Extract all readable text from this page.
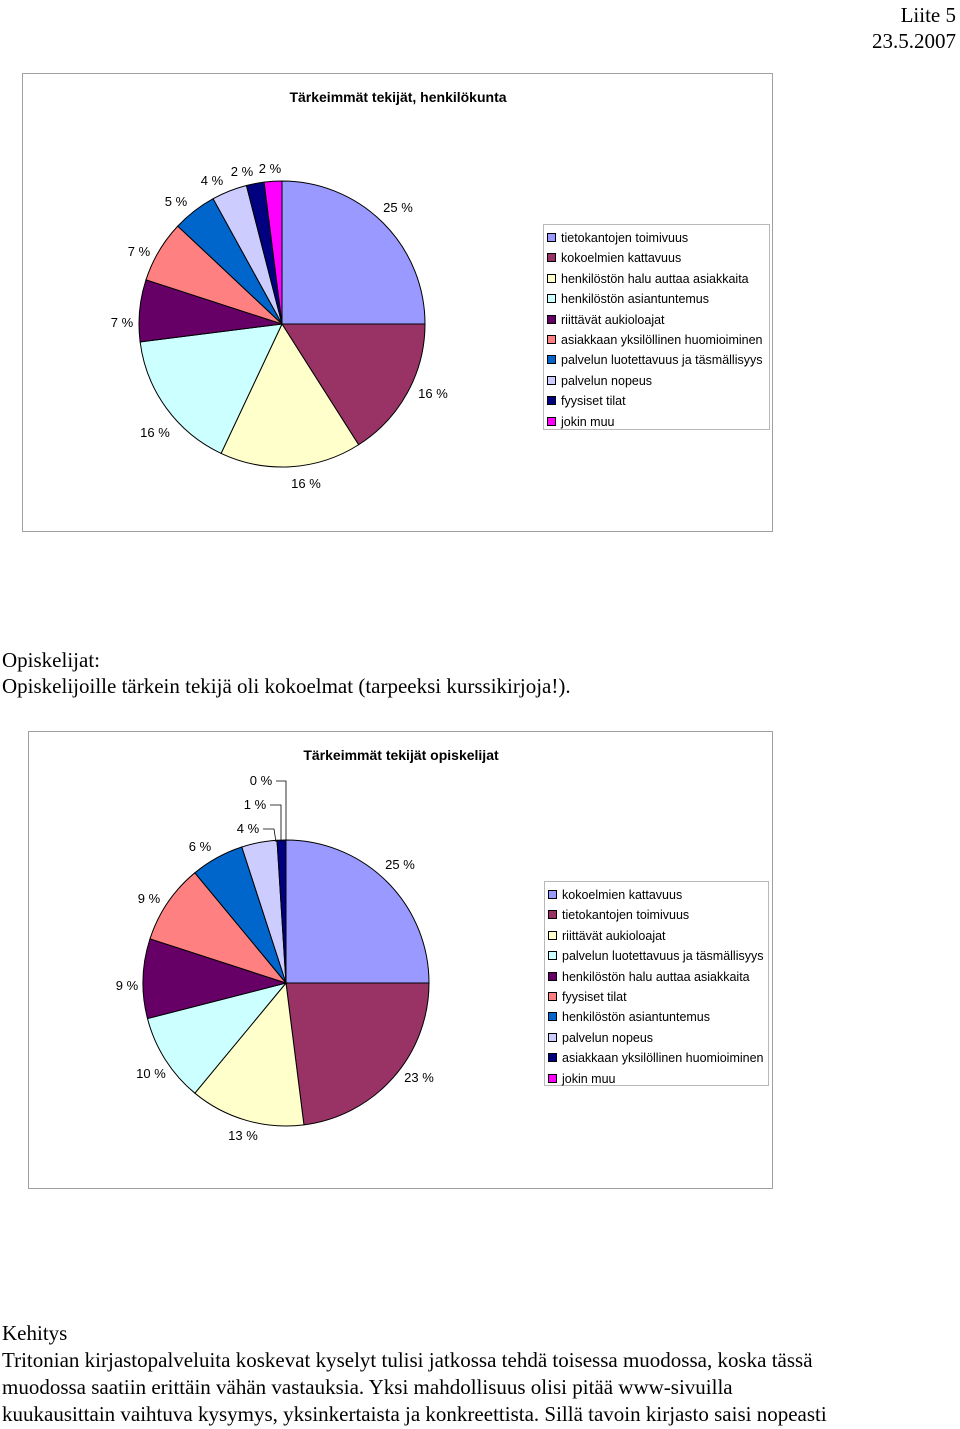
Liite 5
23.5.2007
Tärkeimmät tekijät, henkilökunta
25 %
16 %
16 %
16 %
7 %
7 %
5 %
4 %
2 % 2 %
tietokantojen toimivuus
kokoelmien kattavuus
henkilöstön halu auttaa asiakkaita
henkilöstön asiantuntemus
riittävät aukioloajat
asiakkaan yksilöllinen huomioiminen
palvelun luotettavuus ja täsmällisyys
palvelun nopeus
fyysiset tilat
jokin muu
Opiskelijat:
Opiskelijoille tärkein tekijä oli kokoelmat (tarpeeksi kurssikirjoja!).
Tärkeimmät tekijät opiskelijat
25 %
23 %
13 %
10 %
9 %
9 %
6 %
4 %
1 %
0 %
kokoelmien kattavuus
tietokantojen toimivuus
riittävät aukioloajat
palvelun luotettavuus ja täsmällisyys
henkilöstön halu auttaa asiakkaita
fyysiset tilat
henkilöstön asiantuntemus
palvelun nopeus
asiakkaan yksilöllinen huomioiminen
jokin muu
Kehitys
Tritonian kirjastopalveluita koskevat kyselyt tulisi jatkossa tehdä toisessa muodossa, koska tässä
muodossa saatiin erittäin vähän vastauksia. Yksi mahdollisuus olisi pitää www-sivuilla
kuukausittain vaihtuva kysymys, yksinkertaista ja konkreettista. Sillä tavoin kirjasto saisi nopeasti
